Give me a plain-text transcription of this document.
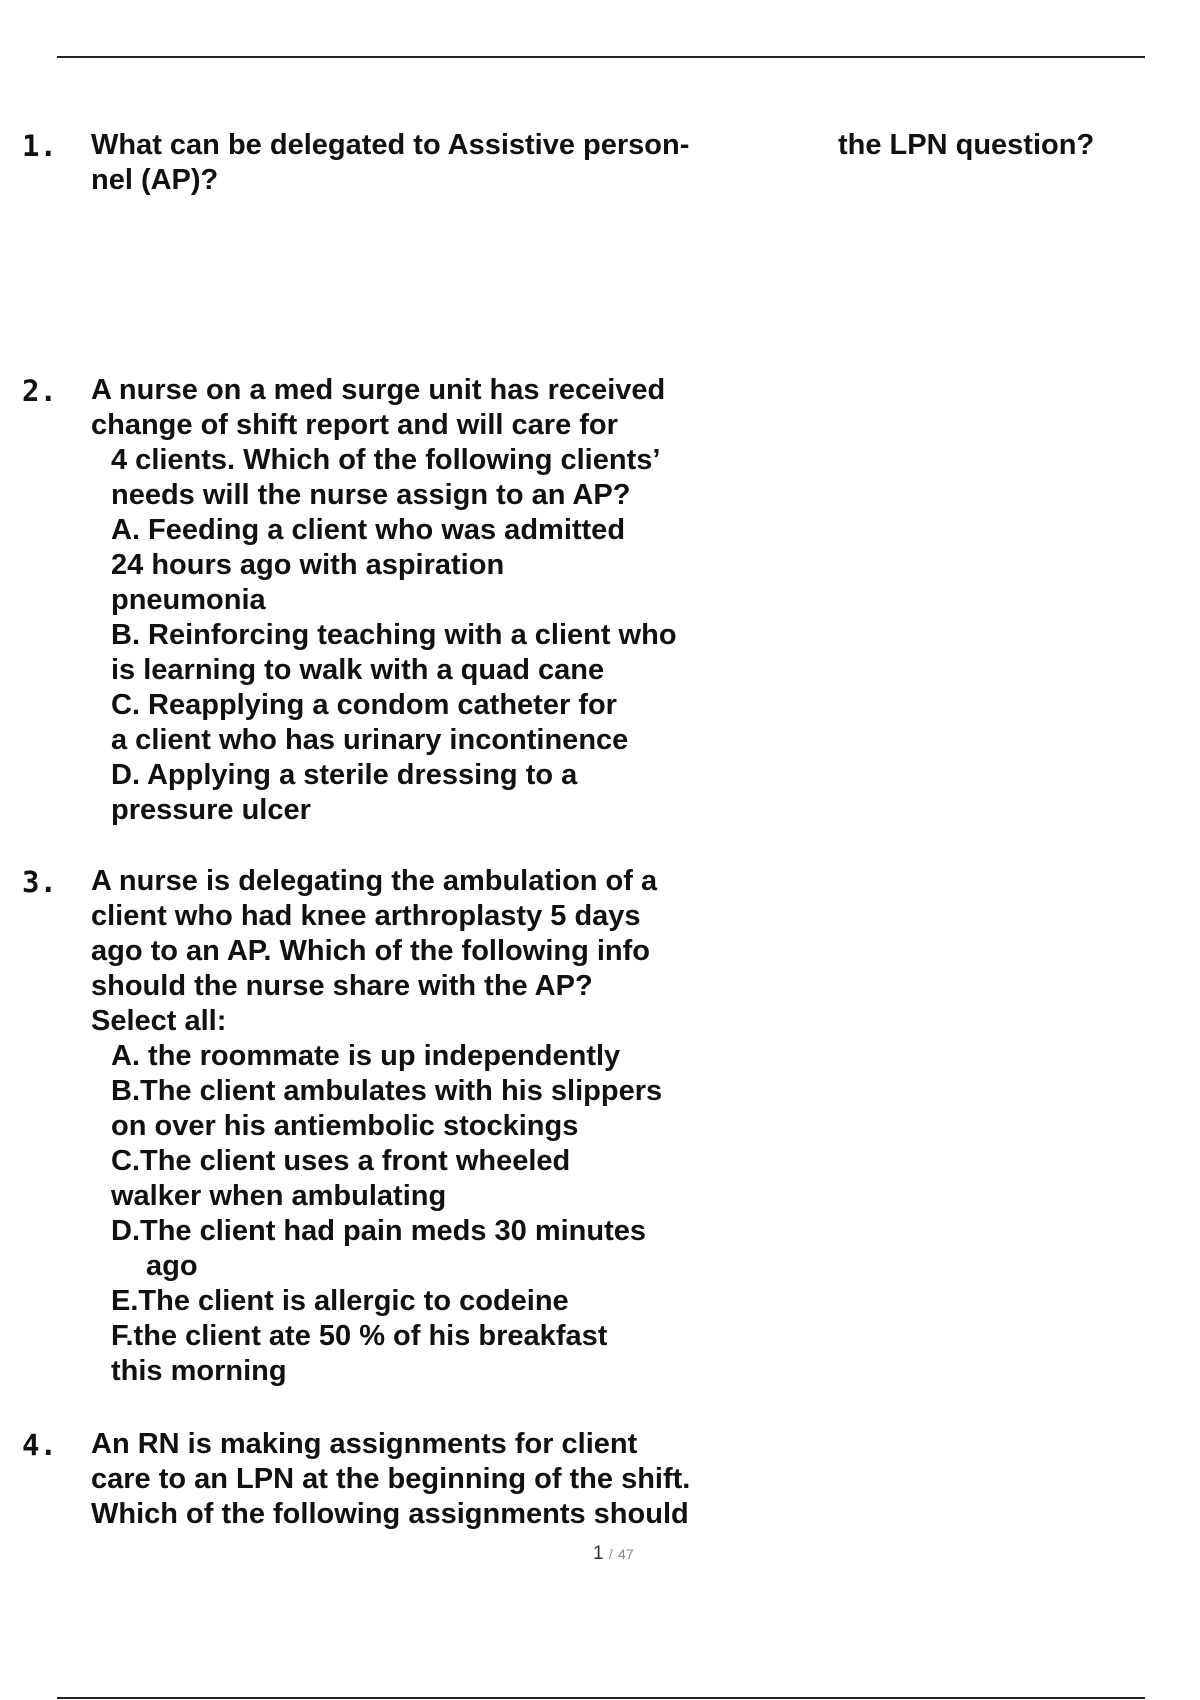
1. What can be delegated to Assistive person-
nel (AP)?
the LPN question?
2. A nurse on a med surge unit has received
change of shift report and will care for
4 clients. Which of the following clients’
needs will the nurse assign to an AP?
A. Feeding a client who was admitted
24 hours ago with aspiration
pneumonia
B. Reinforcing teaching with a client who
is learning to walk with a quad cane
C. Reapplying a condom catheter for
a client who has urinary incontinence
D. Applying a sterile dressing to a
pressure ulcer
3. A nurse is delegating the ambulation of a
client who had knee arthroplasty 5 days
ago to an AP. Which of the following info
should the nurse share with the AP?
Select all:
A. the roommate is up independently
B.The client ambulates with his slippers
on over his antiembolic stockings
C.The client uses a front wheeled
walker when ambulating
D.The client had pain meds 30 minutes
ago
E.The client is allergic to codeine
F.the client ate 50 % of his breakfast
this morning
4. An RN is making assignments for client
care to an LPN at the beginning of the shift.
Which of the following assignments should
1 / 47
